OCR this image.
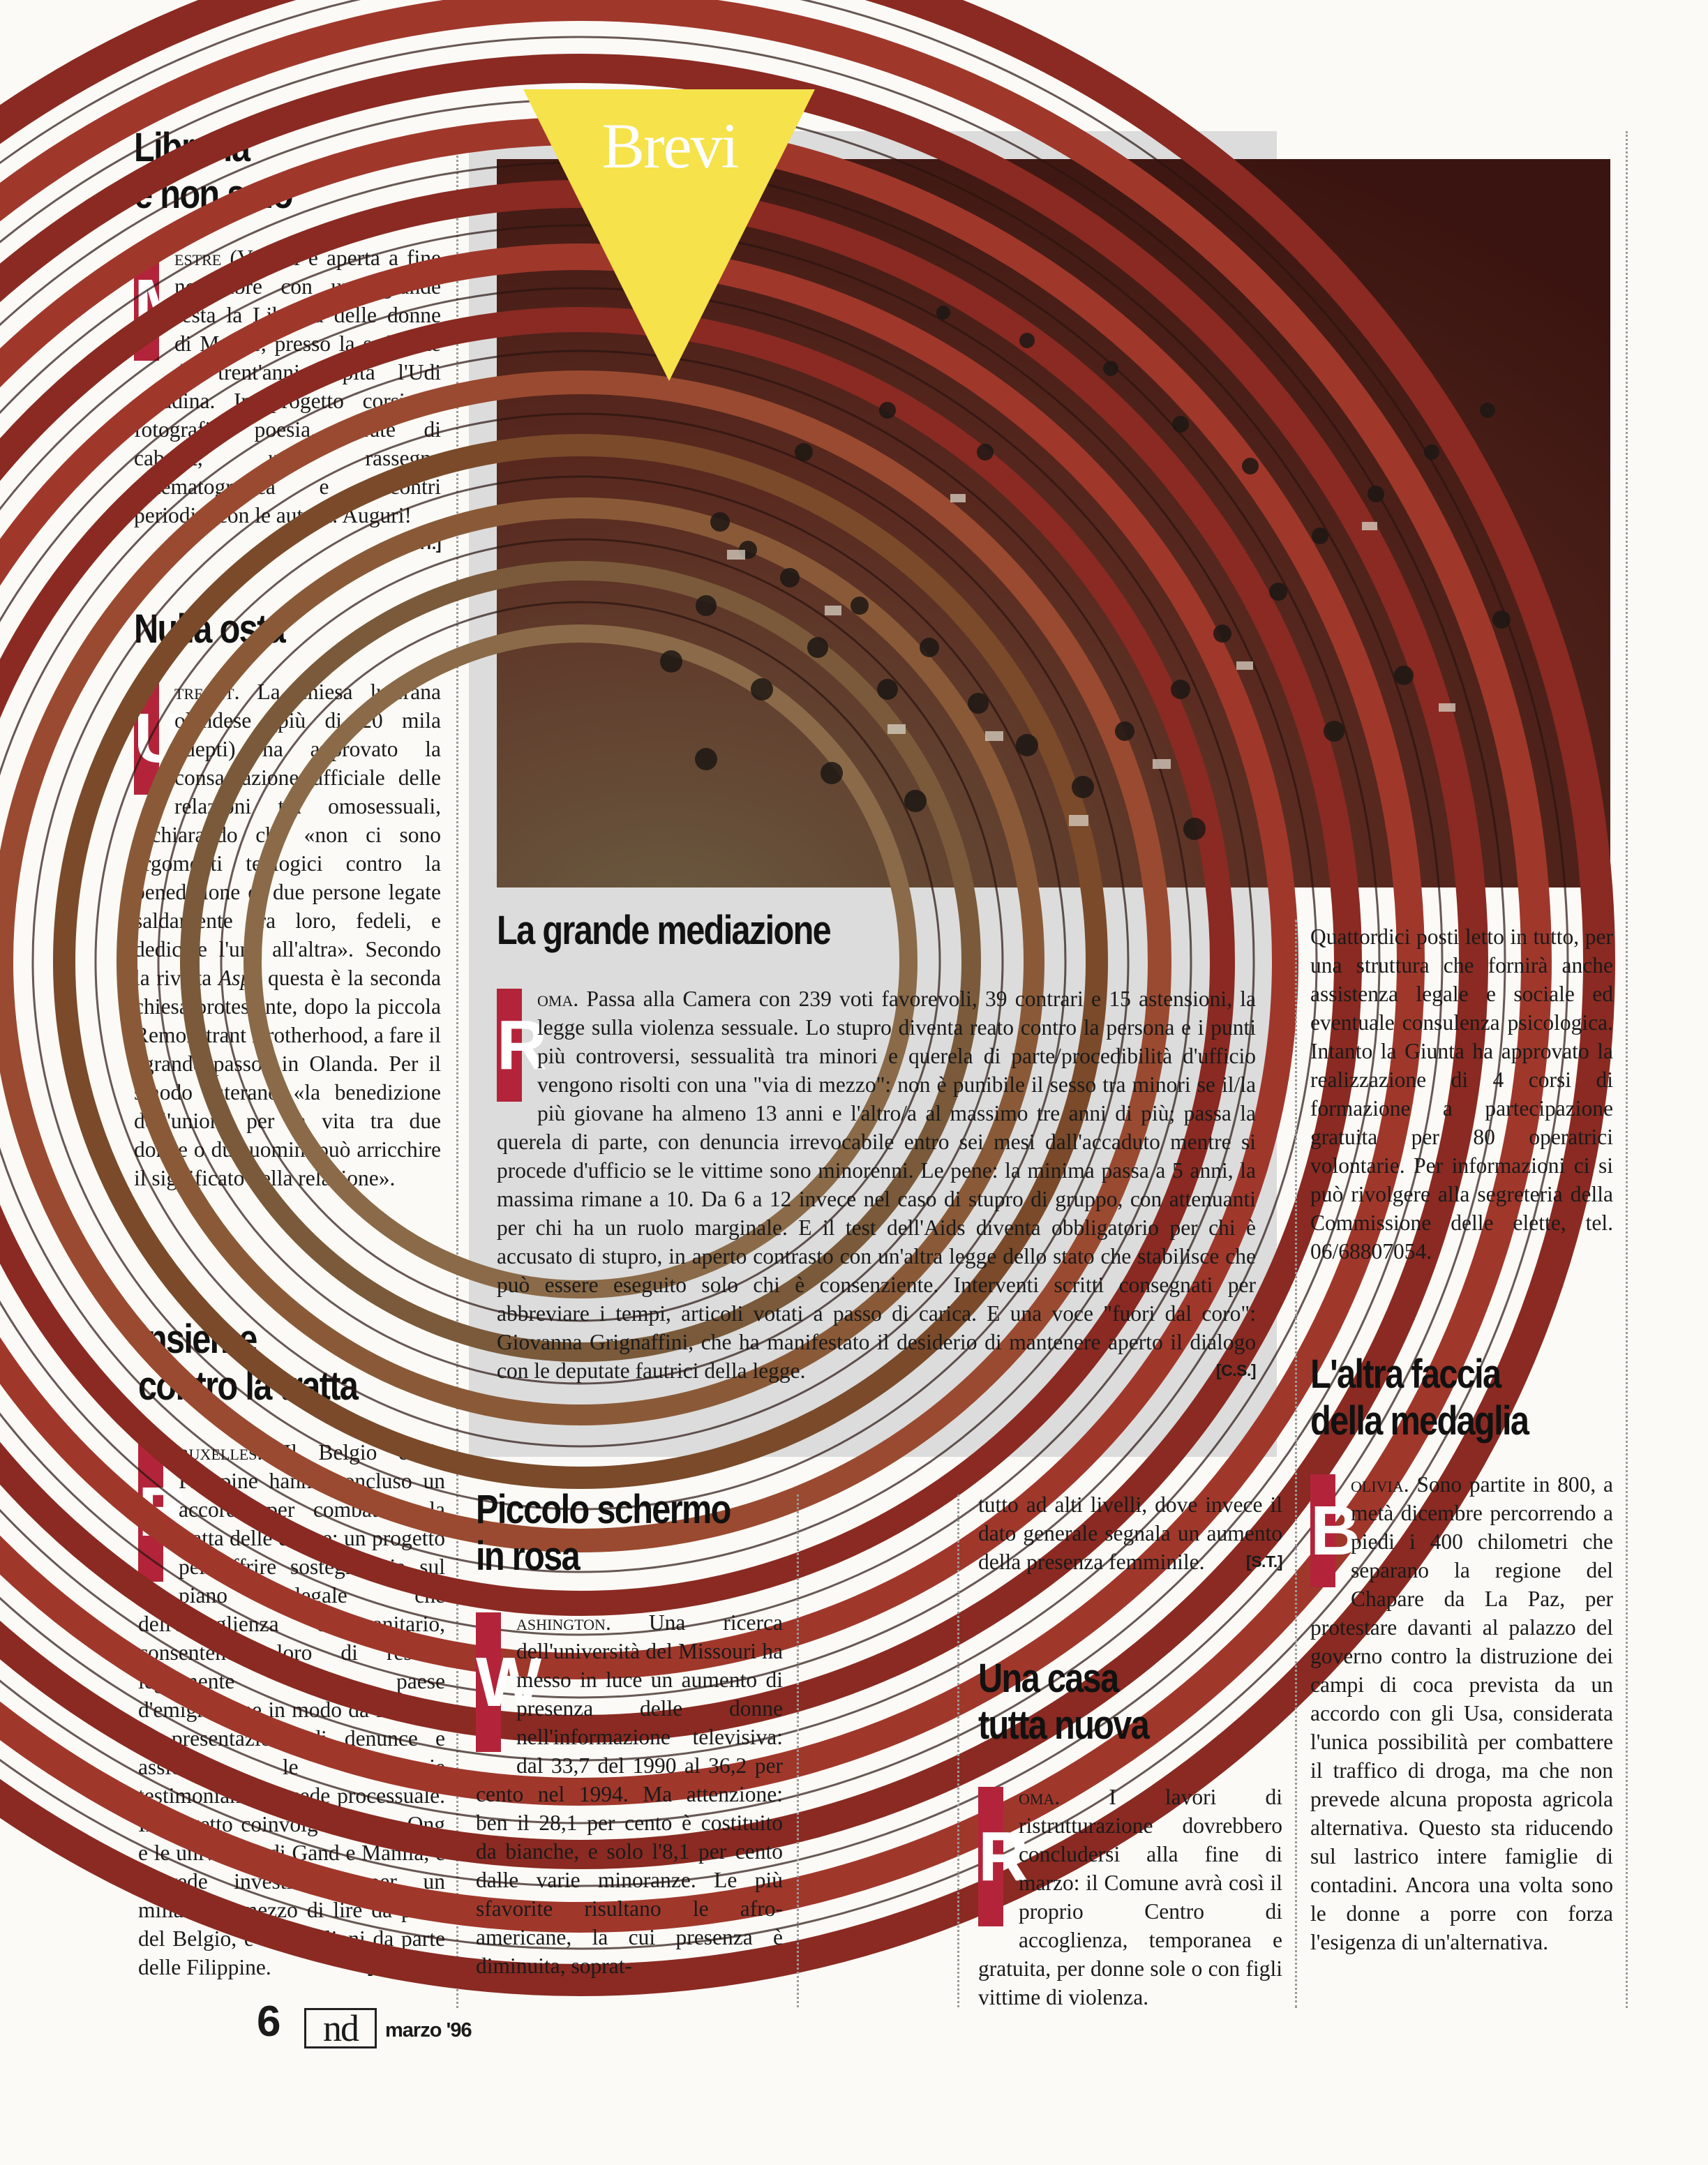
Libreria
e non solo

M
estre (Ve). Si è aperta a fine novembre con una grande festa la Libreria delle donne di Mestre, presso la sede che da trent'anni ospita l'Udi cittadina. In progetto corsi di fotografia, poesia, serate di cabaret, una rassegna cinematografica e incontri periodici con le autrici. Auguri!
[S.T.]

Nulla osta

U
trecht. La chiesa luterana olandese (più di 20 mila adepti) ha approvato la consacrazione ufficiale delle relazioni tra omosessuali, dichiarando che «non ci sono argomenti teologici contro la benedizione di due persone legate saldamente tra loro, fedeli, e dedicate l'una all'altra». Secondo la rivista Aspe questa è la seconda chiesa protestante, dopo la piccola Remonstrant Brotherhood, a fare il "grande passo" in Olanda. Per il sinodo luterano «la benedizione dell'unione per la vita tra due donne o due uomini può arricchire il significato della relazione».

Insieme
contro la tratta

B
ruxelles. Il Belgio e le Filippine hanno concluso un accordo per combattere la tratta delle donne: un progetto per offrire sostegno sia sul piano legale che dell'accoglienza e sanitario, consentendo loro di restare legalmente nel paese d'emigrazione in modo da favorire la presentazione di denunce e assicurare le necessarie testimonianze in sede processuale. Il progetto coinvolge diverse Ong e le università di Gand e Manila, e prevede investimenti per un miliardo e mezzo di lire da parte del Belgio, e 300 milioni da parte delle Filippine.	[DWPress]

Brevi
La grande mediazione

R
oma. Passa alla Camera con 239 voti favorevoli, 39 contrari e 15 astensioni, la legge sulla violenza sessuale. Lo stupro diventa reato contro la persona e i punti più controversi, sessualità tra minori e querela di parte/procedibilità d'ufficio vengono risolti con una "via di mezzo": non è punibile il sesso tra minori se il/la più giovane ha almeno 13 anni e l'altro/a al massimo tre anni di più; passa la querela di parte, con denuncia irrevocabile entro sei mesi dall'accaduto mentre si procede d'ufficio se le vittime sono minorenni. Le pene: la minima passa a 5 anni, la massima rimane a 10. Da 6 a 12 invece nel caso di stupro di gruppo, con attenuanti per chi ha un ruolo marginale. E il test dell'Aids diventa obbligatorio per chi è accusato di stupro, in aperto contrasto con un'altra legge dello stato che stabilisce che può essere eseguito solo chi è consenziente. Interventi scritti consegnati per abbreviare i tempi, articoli votati a passo di carica. E una voce "fuori dal coro": Giovanna Grignaffini, che ha manifestato il desiderio di mantenere aperto il dialogo con le deputate fautrici della legge.	[C.S.]

Piccolo schermo
in rosa

W
ashington. Una ricerca dell'università del Missouri ha messo in luce un aumento di presenza delle donne nell'informazione televisiva: dal 33,7 del 1990 al 36,2 per cento nel 1994. Ma attenzione: ben il 28,1 per cento è costituito da bianche, e solo l'8,1 per cento dalle varie minoranze. Le più sfavorite risultano le afro-americane, la cui presenza è diminuita, soprat-

tutto ad alti livelli, dove invece il dato generale segnala un aumento della presenza femminile.	[S.T.]

Una casa
tutta nuova

R
oma. I lavori di ristrutturazione dovrebbero concludersi alla fine di marzo: il Comune avrà così il proprio Centro di accoglienza, temporanea e gratuita, per donne sole o con figli vittime di violenza.

Quattordici posti letto in tutto, per una struttura che fornirà anche assistenza legale e sociale ed eventuale consulenza psicologica. Intanto la Giunta ha approvato la realizzazione di 4 corsi di formazione a partecipazione gratuita per 80 operatrici volontarie. Per informazioni ci si può rivolgere alla segreteria della Commissione delle elette, tel. 06/68807054.

L'altra faccia
della medaglia

B
olivia. Sono partite in 800, a metà dicembre percorrendo a piedi i 400 chilometri che separano la regione del Chapare da La Paz, per protestare davanti al palazzo del governo contro la distruzione dei campi di coca prevista da un accordo con gli Usa, considerata l'unica possibilità per combattere il traffico di droga, ma che non prevede alcuna proposta agricola alternativa. Questo sta riducendo sul lastrico intere famiglie di contadini. Ancora una volta sono le donne a porre con forza l'esigenza di un'alternativa.

6	nd	marzo '96
